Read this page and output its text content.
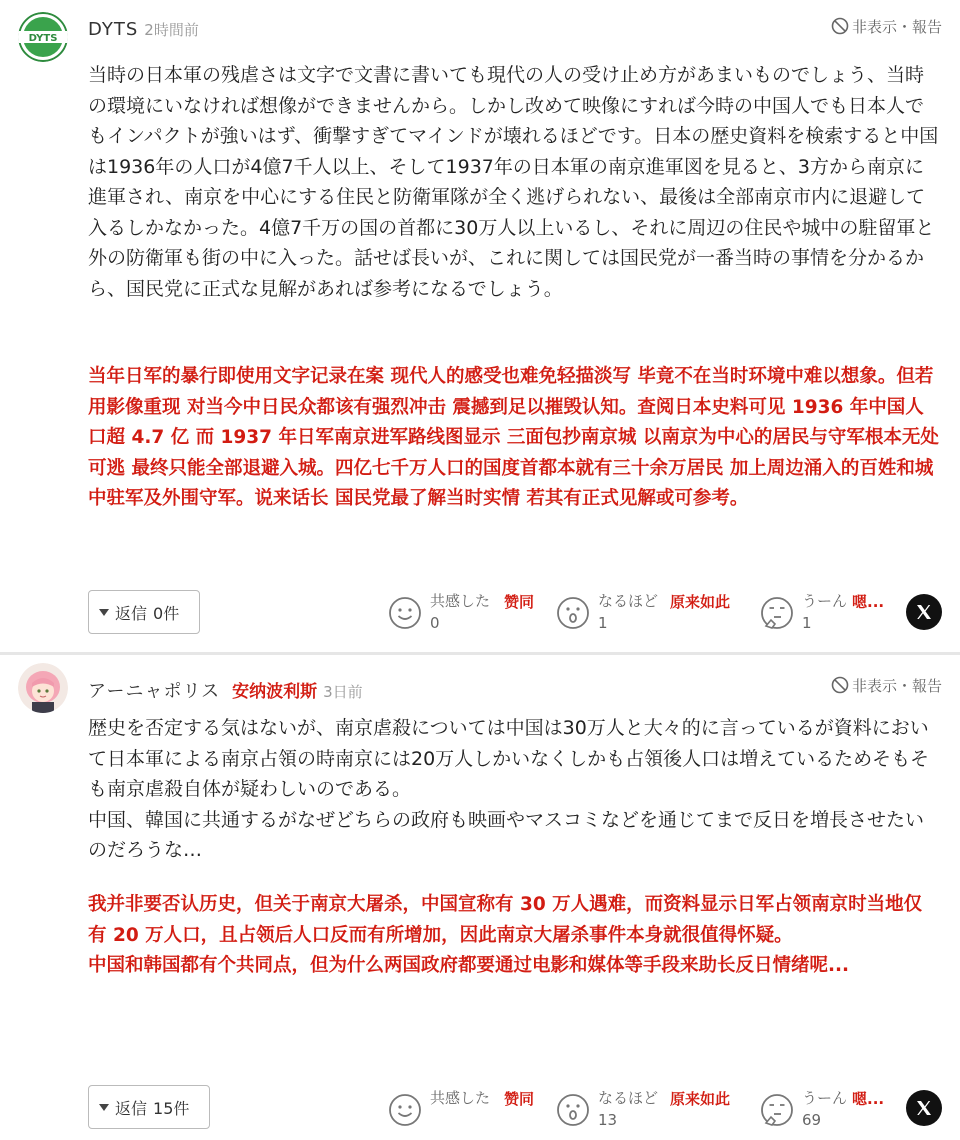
DYTS DYTS 2時間前	非表示・報告

当時の日本軍の残虐さは文字で文書に書いても現代の人の受け止め方があまいものでしょう、当時の環境にいなければ想像ができませんから。しかし改めて映像にすれば今時の中国人でも日本人でもインパクトが強いはず、衝撃すぎてマインドが壊れるほどです。日本の歴史資料を検索すると中国は1936年の人口が4億7千人以上、そして1937年の日本軍の南京進軍図を見ると、3方から南京に進軍され、南京を中心にする住民と防衛軍隊が全く逃げられない、最後は全部南京市内に退避して入るしかなかった。4億7千万の国の首都に30万人以上いるし、それに周辺の住民や城中の駐留軍と外の防衛軍も街の中に入った。話せば長いが、これに関しては国民党が一番当時の事情を分かるから、国民党に正式な見解があれば参考になるでしょう。

当年日军的暴行即使用文字记录在案 现代人的感受也难免轻描淡写 毕竟不在当时环境中难以想象。但若用影像重现 对当今中日民众都该有强烈冲击 震撼到足以摧毁认知。查阅日本史料可见 1936 年中国人口超 4.7 亿 而 1937 年日军南京进军路线图显示 三面包抄南京城 以南京为中心的居民与守军根本无处可逃 最终只能全部退避入城。四亿七千万人口的国度首都本就有三十余万居民 加上周边涌入的百姓和城中驻军及外围守军。说来话长 国民党最了解当时实情 若其有正式见解或可参考。

返信 0件
共感した 赞同
0
なるほど 原来如此
1
うーん 嗯...
1
アーニャポリス 安纳波利斯 3日前	非表示・報告

歴史を否定する気はないが、南京虐殺については中国は30万人と大々的に言っているが資料において日本軍による南京占領の時南京には20万人しかいなくしかも占領後人口は増えているためそもそも南京虐殺自体が疑わしいのである。

中国、韓国に共通するがなぜどちらの政府も映画やマスコミなどを通じてまで反日を増長させたいのだろうな…

我并非要否认历史，但关于南京大屠杀，中国宣称有 30 万人遇难，而资料显示日军占领南京时当地仅有 20 万人口，且占领后人口反而有所增加，因此南京大屠杀事件本身就很值得怀疑。

中国和韩国都有个共同点，但为什么两国政府都要通过电影和媒体等手段来助长反日情绪呢...

返信 15件
共感した 赞同	なるほど 原来如此
13
うーん 嗯...
69
